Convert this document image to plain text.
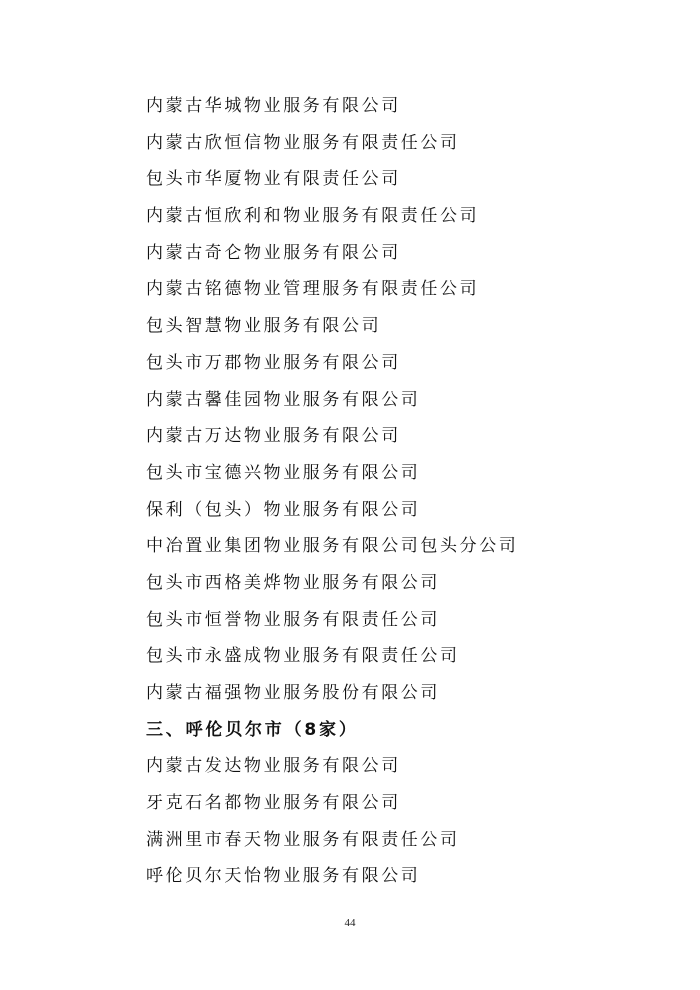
内蒙古华城物业服务有限公司
内蒙古欣恒信物业服务有限责任公司
包头市华厦物业有限责任公司
内蒙古恒欣利和物业服务有限责任公司
内蒙古奇仑物业服务有限公司
内蒙古铭德物业管理服务有限责任公司
包头智慧物业服务有限公司
包头市万郡物业服务有限公司
内蒙古馨佳园物业服务有限公司
内蒙古万达物业服务有限公司
包头市宝德兴物业服务有限公司
保利（包头）物业服务有限公司
中冶置业集团物业服务有限公司包头分公司
包头市西格美烨物业服务有限公司
包头市恒誉物业服务有限责任公司
包头市永盛成物业服务有限责任公司
内蒙古福强物业服务股份有限公司
三、呼伦贝尔市（8家）
内蒙古发达物业服务有限公司
牙克石名都物业服务有限公司
满洲里市春天物业服务有限责任公司
呼伦贝尔天怡物业服务有限公司
44
